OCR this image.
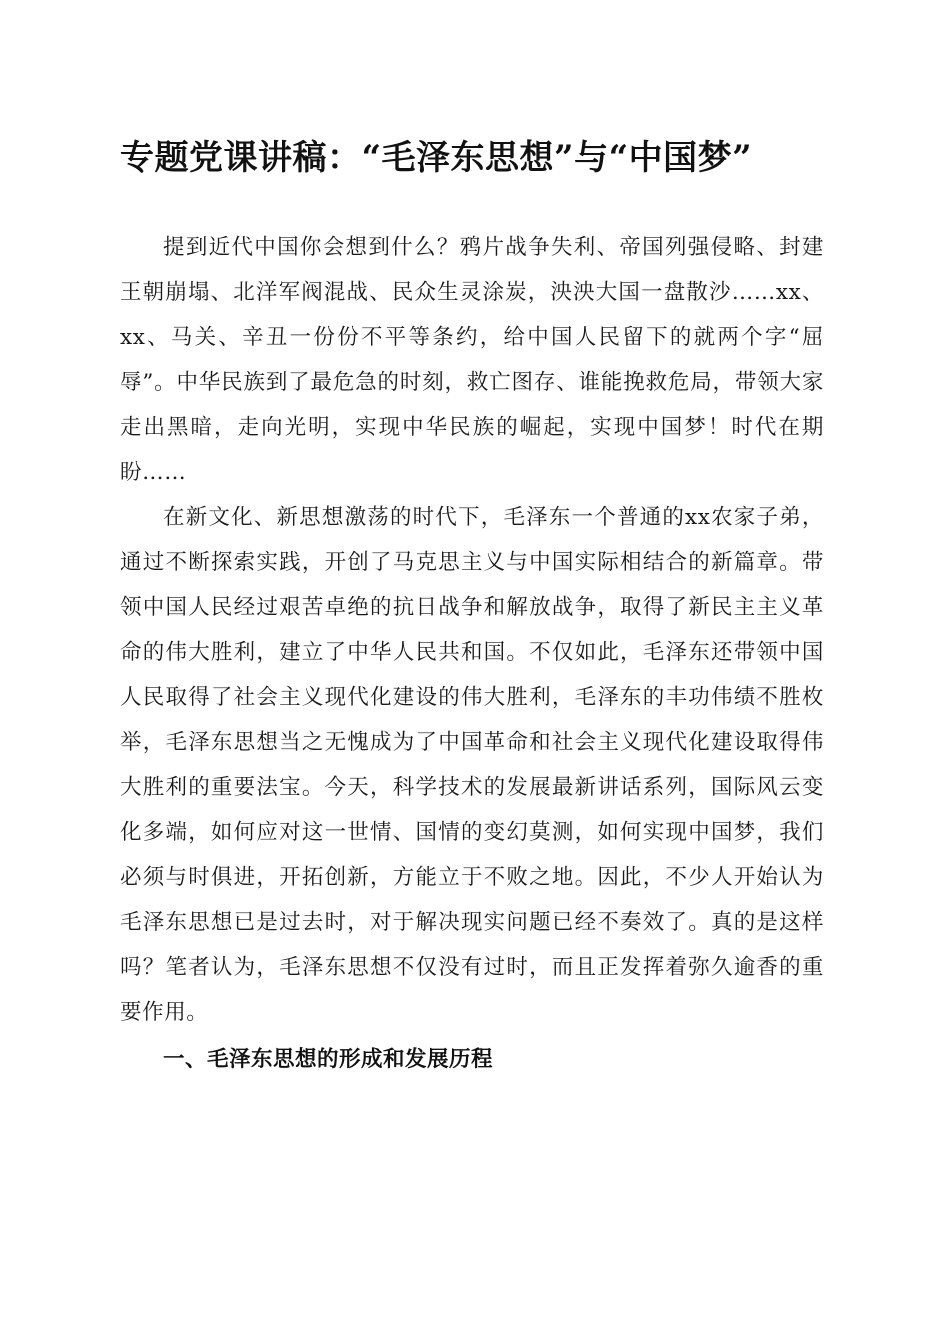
专题党课讲稿：“毛泽东思想”与“中国梦”

提到近代中国你会想到什么？鸦片战争失利、帝国列强侵略、封建王朝崩塌、北洋军阀混战、民众生灵涂炭，泱泱大国一盘散沙……xx、xx、马关、辛丑一份份不平等条约，给中国人民留下的就两个字“屈辱”。中华民族到了最危急的时刻，救亡图存、谁能挽救危局，带领大家走出黑暗，走向光明，实现中华民族的崛起，实现中国梦！时代在期盼……

在新文化、新思想激荡的时代下，毛泽东一个普通的xx农家子弟，通过不断探索实践，开创了马克思主义与中国实际相结合的新篇章。带领中国人民经过艰苦卓绝的抗日战争和解放战争，取得了新民主主义革命的伟大胜利，建立了中华人民共和国。不仅如此，毛泽东还带领中国人民取得了社会主义现代化建设的伟大胜利，毛泽东的丰功伟绩不胜枚举，毛泽东思想当之无愧成为了中国革命和社会主义现代化建设取得伟大胜利的重要法宝。今天，科学技术的发展最新讲话系列，国际风云变化多端，如何应对这一世情、国情的变幻莫测，如何实现中国梦，我们必须与时俱进，开拓创新，方能立于不败之地。因此，不少人开始认为毛泽东思想已是过去时，对于解决现实问题已经不奏效了。真的是这样吗？笔者认为，毛泽东思想不仅没有过时，而且正发挥着弥久逾香的重要作用。

一、毛泽东思想的形成和发展历程
